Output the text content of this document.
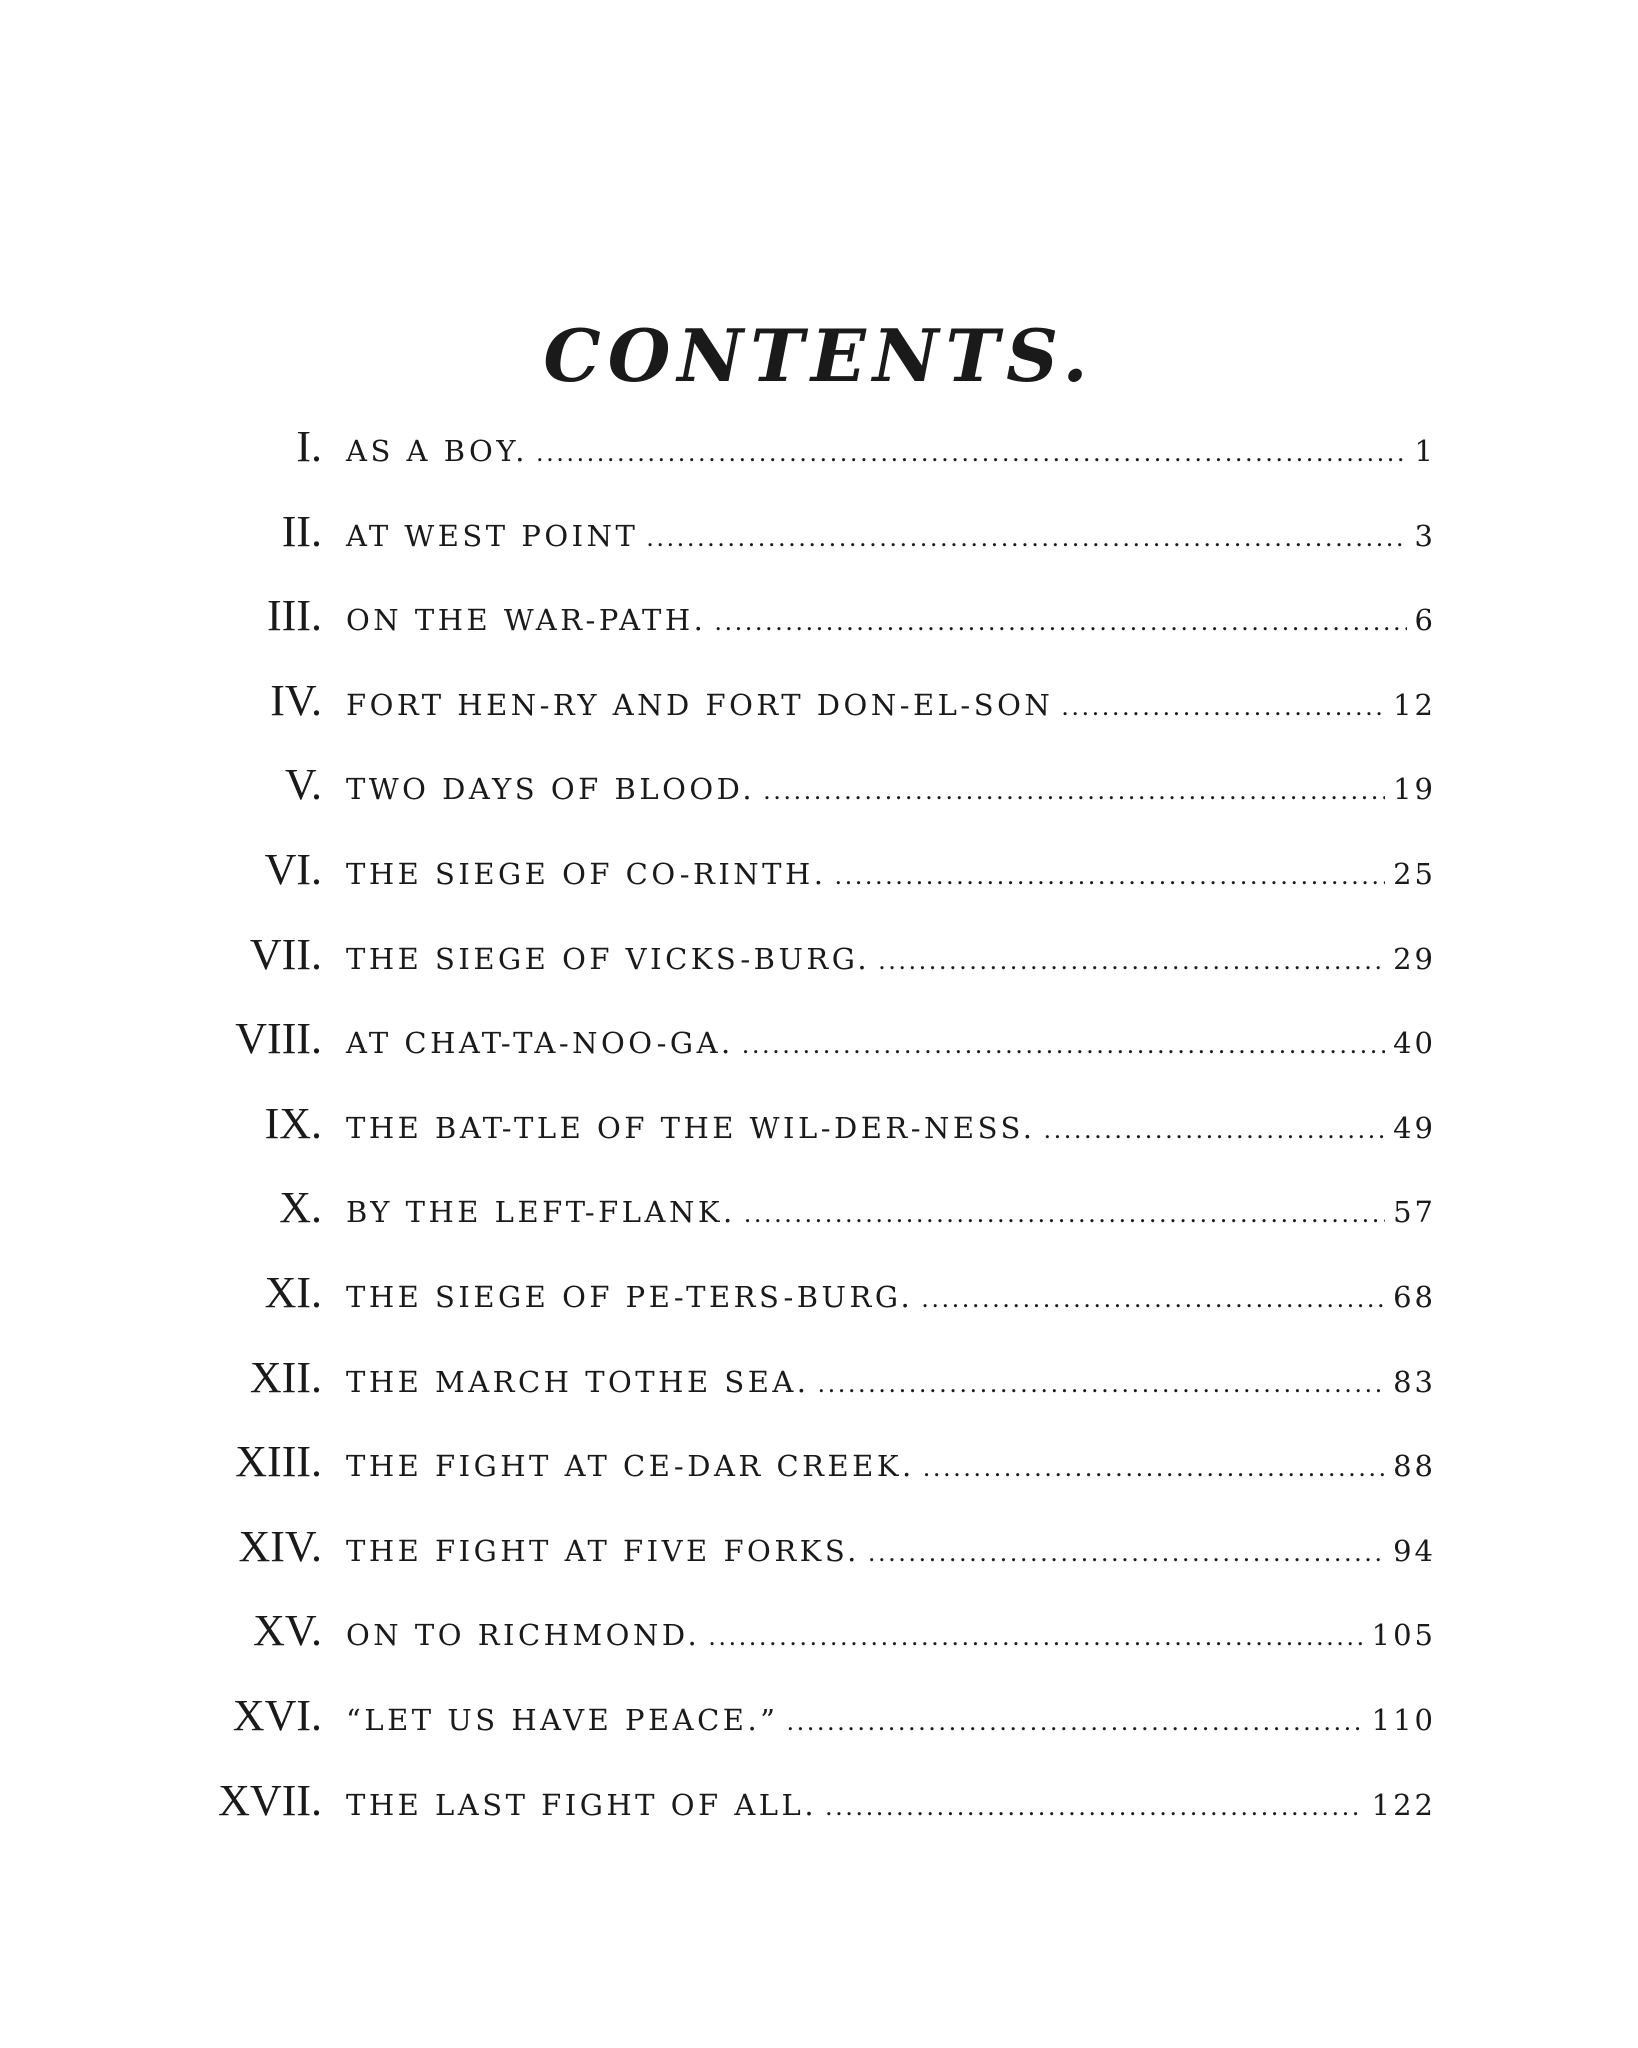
CONTENTS.
I. AS A BOY. .....	1
II. AT WEST POINT .....	3
III. ON THE WAR-PATH. .....	6
IV. FORT HEN-RY AND FORT DON-EL-SON .....	12
V. TWO DAYS OF BLOOD. .....	19
VI. THE SIEGE OF CO-RINTH. .....	25
VII. THE SIEGE OF VICKS-BURG. .....	29
VIII. AT CHAT-TA-NOO-GA. .....	40
IX. THE BAT-TLE OF THE WIL-DER-NESS. .....	49
X. BY THE LEFT-FLANK. .....	57
XI. THE SIEGE OF PE-TERS-BURG. .....	68
XII. THE MARCH TOTHE SEA. .....	83
XIII. THE FIGHT AT CE-DAR CREEK. .....	88
XIV. THE FIGHT AT FIVE FORKS. .....	94
XV. ON TO RICHMOND. .....	105
XVI. “LET US HAVE PEACE.” .....	110
XVII. THE LAST FIGHT OF ALL. .....	122
